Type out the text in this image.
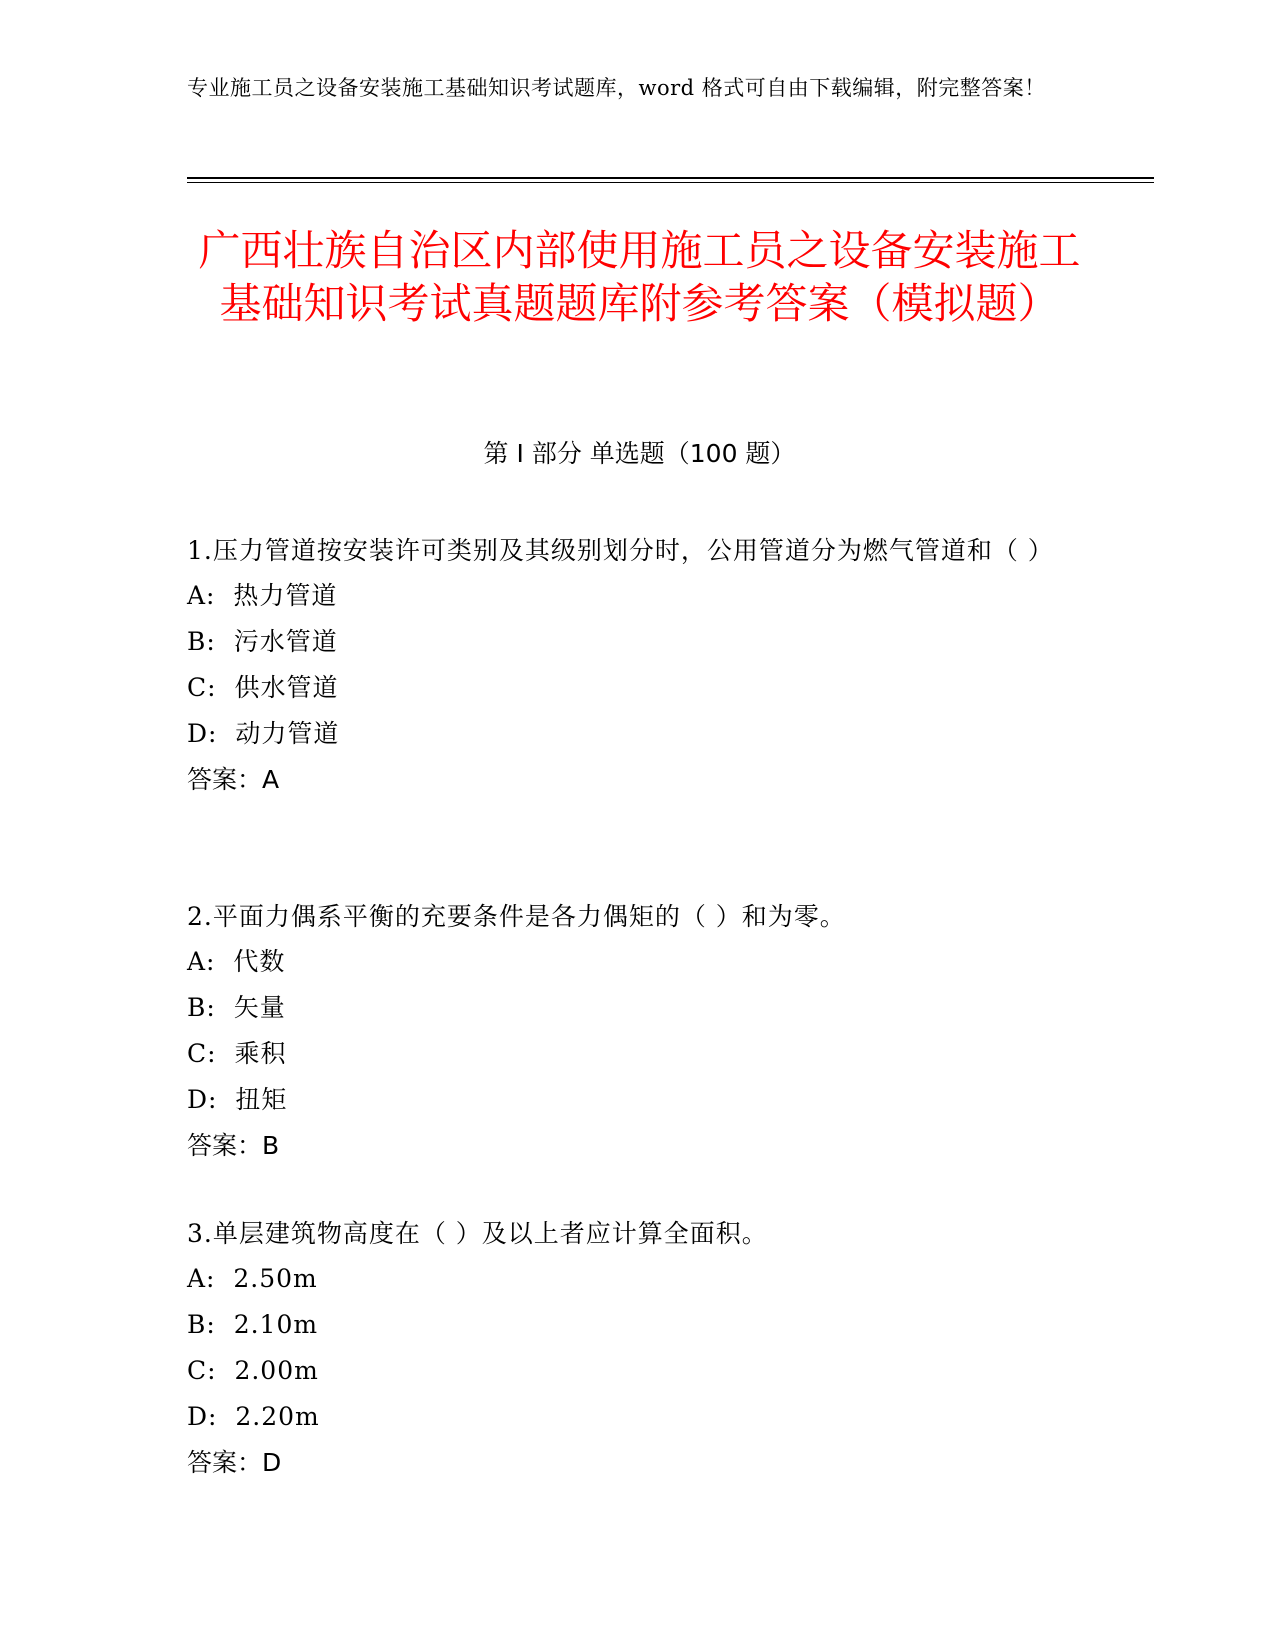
专业施工员之设备安装施工基础知识考试题库，word 格式可自由下载编辑，附完整答案！

广西壮族自治区内部使用施工员之设备安装施工基础知识考试真题题库附参考答案（模拟题）
第 I 部分 单选题（100 题）

1.压力管道按安装许可类别及其级别划分时，公用管道分为燃气管道和（ ）

A:  热力管道

B:  污水管道

C:  供水管道

D:  动力管道

答案：A

2.平面力偶系平衡的充要条件是各力偶矩的（ ）和为零。

A:  代数

B:  矢量

C:  乘积

D:  扭矩

答案：B

3.单层建筑物高度在（ ）及以上者应计算全面积。

A:  2.50m

B:  2.10m

C:  2.00m

D:  2.20m

答案：D
